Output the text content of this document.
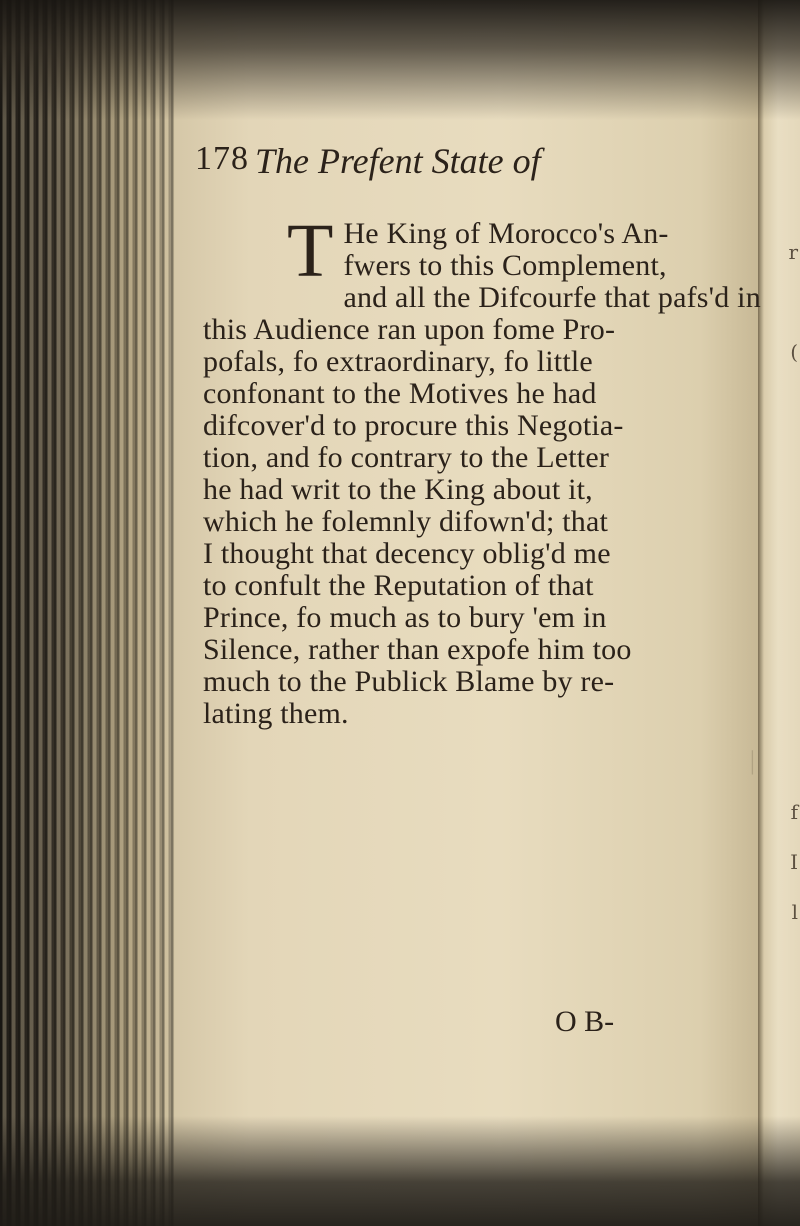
r
(
f
I
l
|
178 The Prefent State of
T He King of Morocco's An-
fwers to this Complement,
and all the Difcourfe that pafs'd in
this Audience ran upon fome Pro-
pofals, fo extraordinary, fo little
confonant to the Motives he had
difcover'd to procure this Negotia-
tion, and fo contrary to the Letter
he had writ to the King about it,
which he folemnly difown'd; that
I thought that decency oblig'd me
to confult the Reputation of that
Prince, fo much as to bury 'em in
Silence, rather than expofe him too
much to the Publick Blame by re-
lating them.
O B-
